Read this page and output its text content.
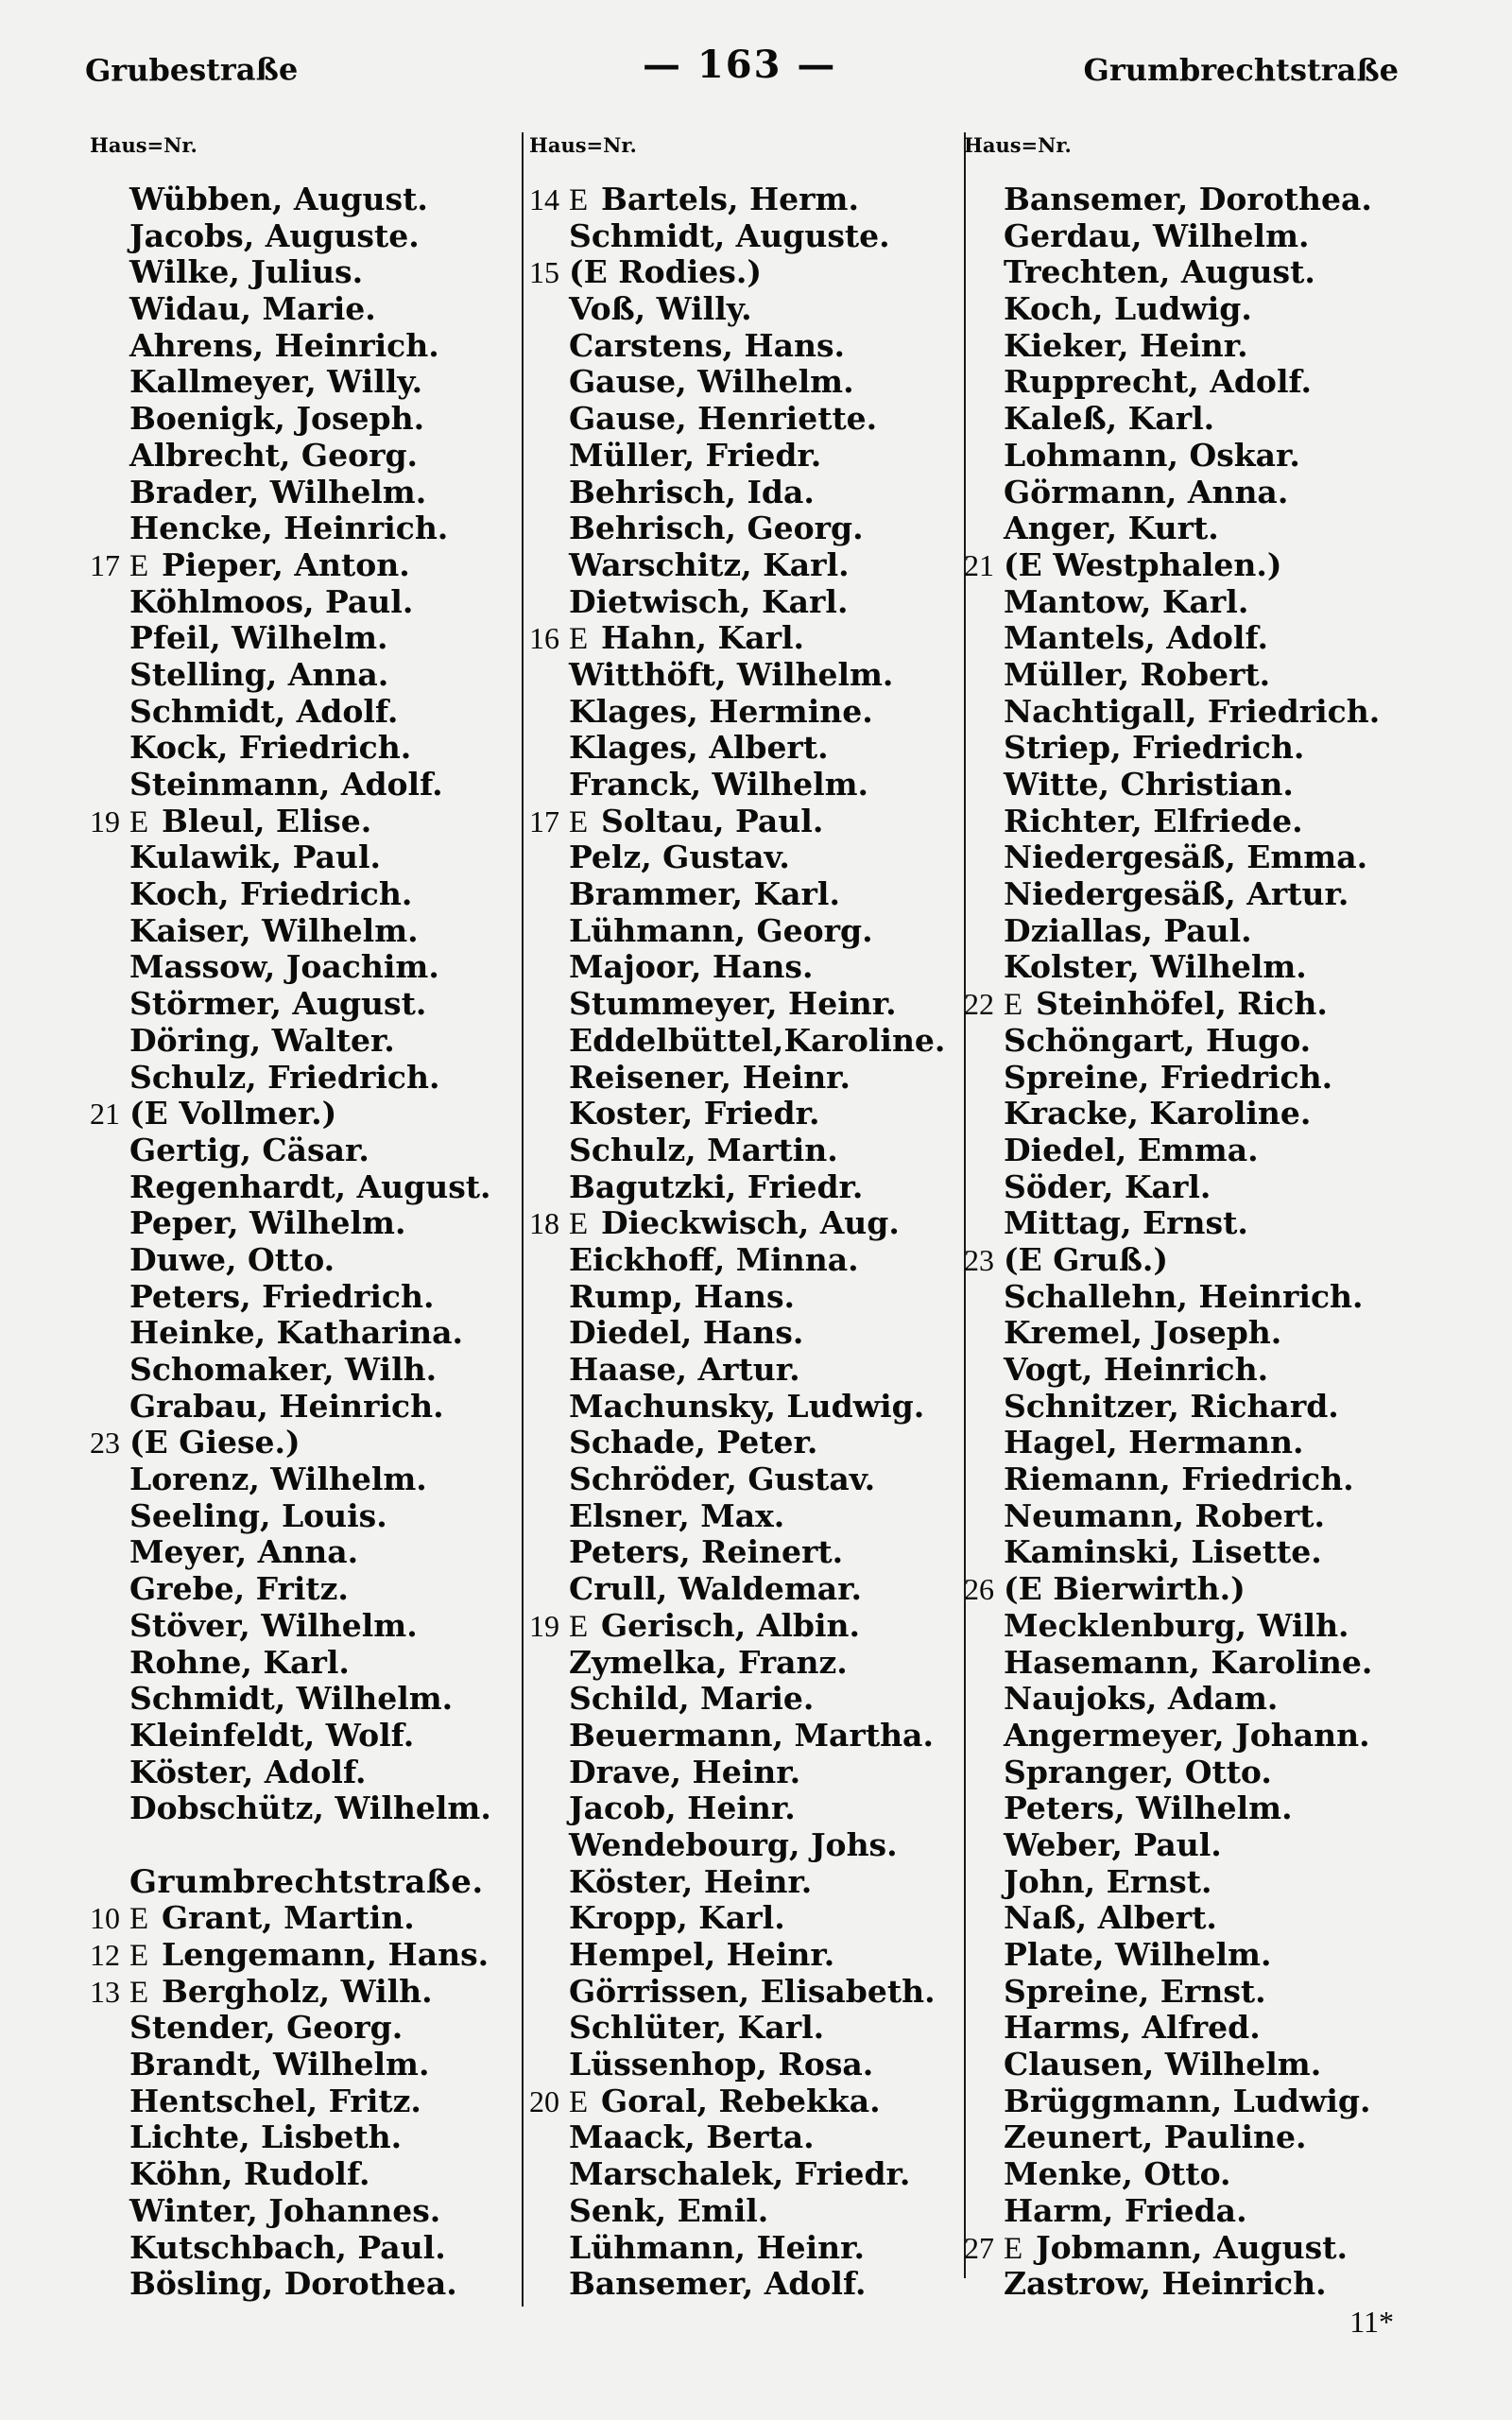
Grubestraße	— 163 —	Grumbrechtstraße
Haus=Nr.
Wübben, August.
Jacobs, Auguste.
Wilke, Julius.
Widau, Marie.
Ahrens, Heinrich.
Kallmeyer, Willy.
Boenigk, Joseph.
Albrecht, Georg.
Brader, Wilhelm.
Hencke, Heinrich.
17 E Pieper, Anton.
Köhlmoos, Paul.
Pfeil, Wilhelm.
Stelling, Anna.
Schmidt, Adolf.
Kock, Friedrich.
Steinmann, Adolf.
19 E Bleul, Elise.
Kulawik, Paul.
Koch, Friedrich.
Kaiser, Wilhelm.
Massow, Joachim.
Störmer, August.
Döring, Walter.
Schulz, Friedrich.
21 (E Vollmer.)
Gertig, Cäsar.
Regenhardt, August.
Peper, Wilhelm.
Duwe, Otto.
Peters, Friedrich.
Heinke, Katharina.
Schomaker, Wilh.
Grabau, Heinrich.
23 (E Giese.)
Lorenz, Wilhelm.
Seeling, Louis.
Meyer, Anna.
Grebe, Fritz.
Stöver, Wilhelm.
Rohne, Karl.
Schmidt, Wilhelm.
Kleinfeldt, Wolf.
Köster, Adolf.
Dobschütz, Wilhelm.
Grumbrechtstraße.
10 E Grant, Martin.
12 E Lengemann, Hans.
13 E Bergholz, Wilh.
Stender, Georg.
Brandt, Wilhelm.
Hentschel, Fritz.
Lichte, Lisbeth.
Köhn, Rudolf.
Winter, Johannes.
Kutschbach, Paul.
Bösling, Dorothea.
Haus=Nr.
14 E Bartels, Herm.
Schmidt, Auguste.
15 (E Rodies.)
Voß, Willy.
Carstens, Hans.
Gause, Wilhelm.
Gause, Henriette.
Müller, Friedr.
Behrisch, Ida.
Behrisch, Georg.
Warschitz, Karl.
Dietwisch, Karl.
16 E Hahn, Karl.
Witthöft, Wilhelm.
Klages, Hermine.
Klages, Albert.
Franck, Wilhelm.
17 E Soltau, Paul.
Pelz, Gustav.
Brammer, Karl.
Lühmann, Georg.
Majoor, Hans.
Stummeyer, Heinr.
Eddelbüttel,Karoline.
Reisener, Heinr.
Koster, Friedr.
Schulz, Martin.
Bagutzki, Friedr.
18 E Dieckwisch, Aug.
Eickhoff, Minna.
Rump, Hans.
Diedel, Hans.
Haase, Artur.
Machunsky, Ludwig.
Schade, Peter.
Schröder, Gustav.
Elsner, Max.
Peters, Reinert.
Crull, Waldemar.
19 E Gerisch, Albin.
Zymelka, Franz.
Schild, Marie.
Beuermann, Martha.
Drave, Heinr.
Jacob, Heinr.
Wendebourg, Johs.
Köster, Heinr.
Kropp, Karl.
Hempel, Heinr.
Görrissen, Elisabeth.
Schlüter, Karl.
Lüssenhop, Rosa.
20 E Goral, Rebekka.
Maack, Berta.
Marschalek, Friedr.
Senk, Emil.
Lühmann, Heinr.
Bansemer, Adolf.
Haus=Nr.
Bansemer, Dorothea.
Gerdau, Wilhelm.
Trechten, August.
Koch, Ludwig.
Kieker, Heinr.
Rupprecht, Adolf.
Kaleß, Karl.
Lohmann, Oskar.
Görmann, Anna.
Anger, Kurt.
21 (E Westphalen.)
Mantow, Karl.
Mantels, Adolf.
Müller, Robert.
Nachtigall, Friedrich.
Striep, Friedrich.
Witte, Christian.
Richter, Elfriede.
Niedergesäß, Emma.
Niedergesäß, Artur.
Dziallas, Paul.
Kolster, Wilhelm.
22 E Steinhöfel, Rich.
Schöngart, Hugo.
Spreine, Friedrich.
Kracke, Karoline.
Diedel, Emma.
Söder, Karl.
Mittag, Ernst.
23 (E Gruß.)
Schallehn, Heinrich.
Kremel, Joseph.
Vogt, Heinrich.
Schnitzer, Richard.
Hagel, Hermann.
Riemann, Friedrich.
Neumann, Robert.
Kaminski, Lisette.
26 (E Bierwirth.)
Mecklenburg, Wilh.
Hasemann, Karoline.
Naujoks, Adam.
Angermeyer, Johann.
Spranger, Otto.
Peters, Wilhelm.
Weber, Paul.
John, Ernst.
Naß, Albert.
Plate, Wilhelm.
Spreine, Ernst.
Harms, Alfred.
Clausen, Wilhelm.
Brüggmann, Ludwig.
Zeunert, Pauline.
Menke, Otto.
Harm, Frieda.
27 E Jobmann, August.
Zastrow, Heinrich.
11*
